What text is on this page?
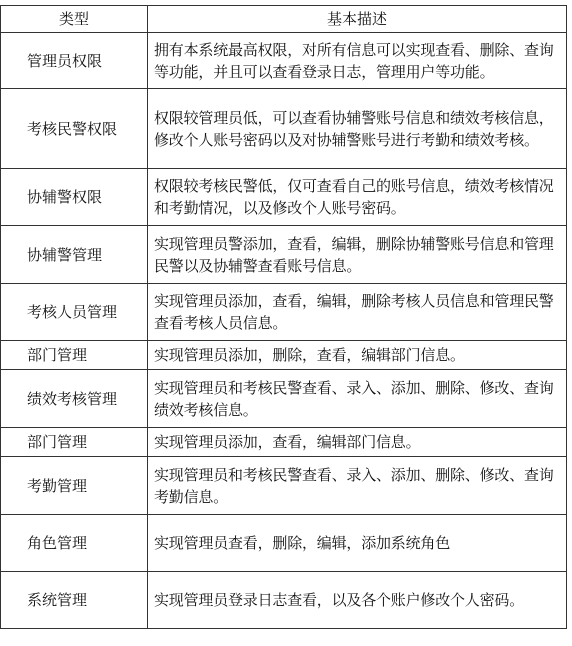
类型	基本描述
管理员权限	拥有本系统最高权限，对所有信息可以实现查看、删除、查询等功能，并且可以查看登录日志，管理用户等功能。
考核民警权限	权限较管理员低，可以查看协辅警账号信息和绩效考核信息，修改个人账号密码以及对协辅警账号进行考勤和绩效考核。
协辅警权限	权限较考核民警低，仅可查看自己的账号信息，绩效考核情况和考勤情况，以及修改个人账号密码。
协辅警管理	实现管理员警添加，查看，编辑，删除协辅警账号信息和管理民警以及协辅警查看账号信息。
考核人员管理	实现管理员添加，查看，编辑，删除考核人员信息和管理民警查看考核人员信息。
部门管理	实现管理员添加，删除，查看，编辑部门信息。
绩效考核管理	实现管理员和考核民警查看、录入、添加、删除、修改、查询绩效考核信息。
部门管理	实现管理员添加，查看，编辑部门信息。
考勤管理	实现管理员和考核民警查看、录入、添加、删除、修改、查询考勤信息。
角色管理	实现管理员查看，删除，编辑，添加系统角色
系统管理	实现管理员登录日志查看，以及各个账户修改个人密码。
